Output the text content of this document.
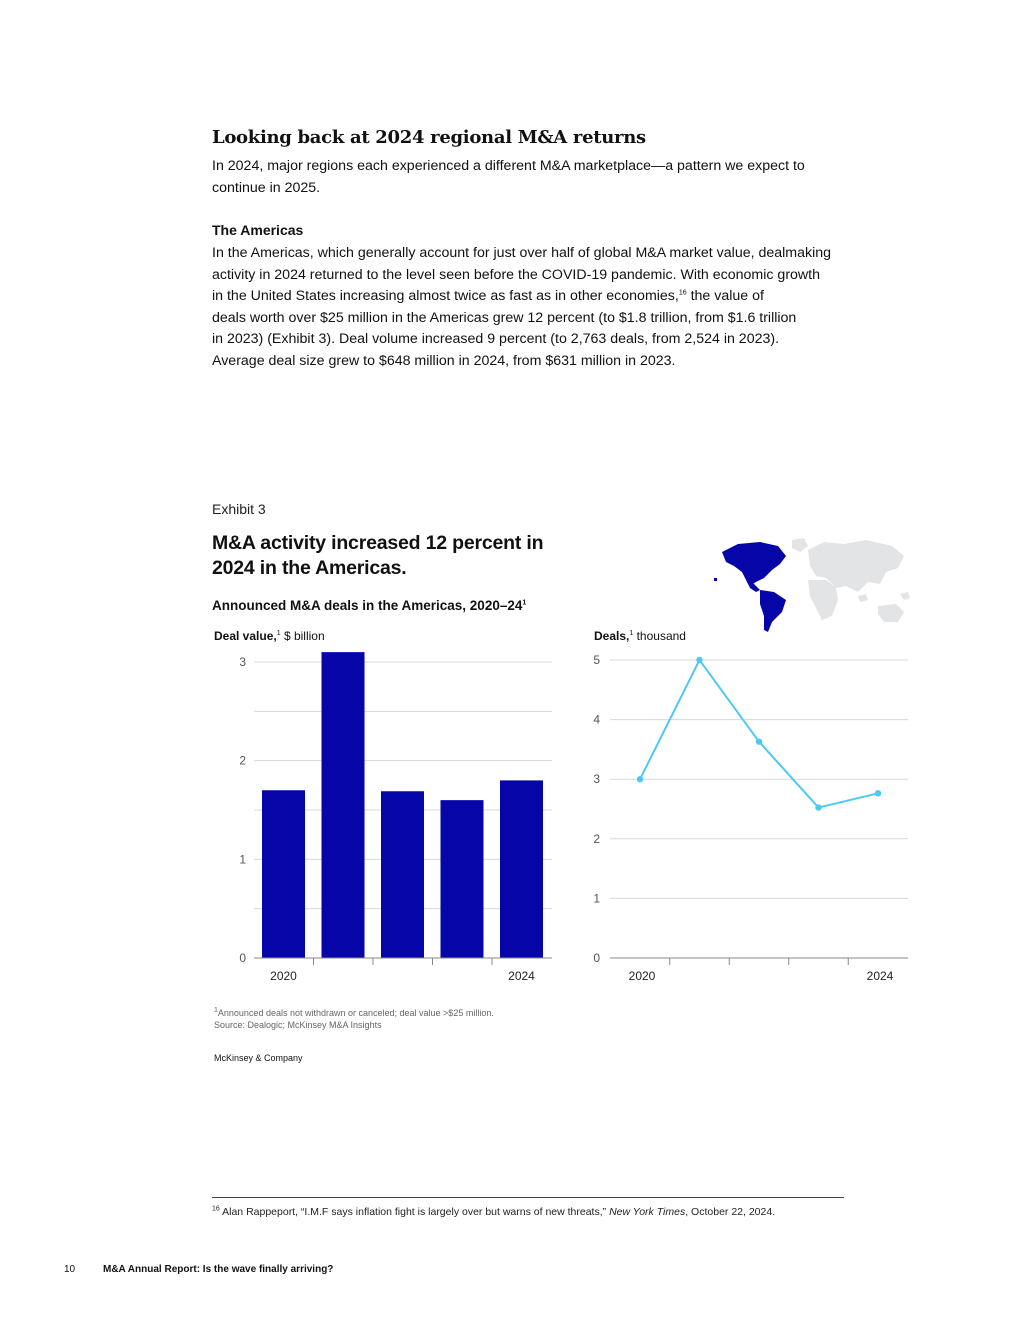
Looking back at 2024 regional M&A returns
In 2024, major regions each experienced a different M&A marketplace—a pattern we expect to continue in 2025.
The Americas

In the Americas, which generally account for just over half of global M&A market value, dealmaking

activity in 2024 returned to the level seen before the COVID-19 pandemic. With economic growth

in the United States increasing almost twice as fast as in other economies,$^{16}$ the value of

deals worth over $25 million in the Americas grew 12 percent (to $1.8 trillion, from $1.6 trillion

in 2023) (Exhibit 3). Deal volume increased 9 percent (to 2,763 deals, from 2,524 in 2023).

Average deal size grew to $648 million in 2024, from $631 million in 2023.

Exhibit 3
M&A activity increased 12 percent in 2024 in the Americas.
Announced M&A deals in the Americas, $2020-24^1$
Deal value,$^1$ $ billion	Deals,$^1$ thousand
0
1
2
3
2020	2024
0
1
2
3
4
5
2020	2024
$^1$Announced deals not withdrawn or canceled; deal value >$25 million.
Source: Dealogic; McKinsey M&A Insights
McKinsey & Company
$^{16}$ Alan Rappeport, “I.M.F says inflation fight is largely over but warns of new threats,” New York Times, October 22, 2024.
10	M&A Annual Report: Is the wave finally arriving?
